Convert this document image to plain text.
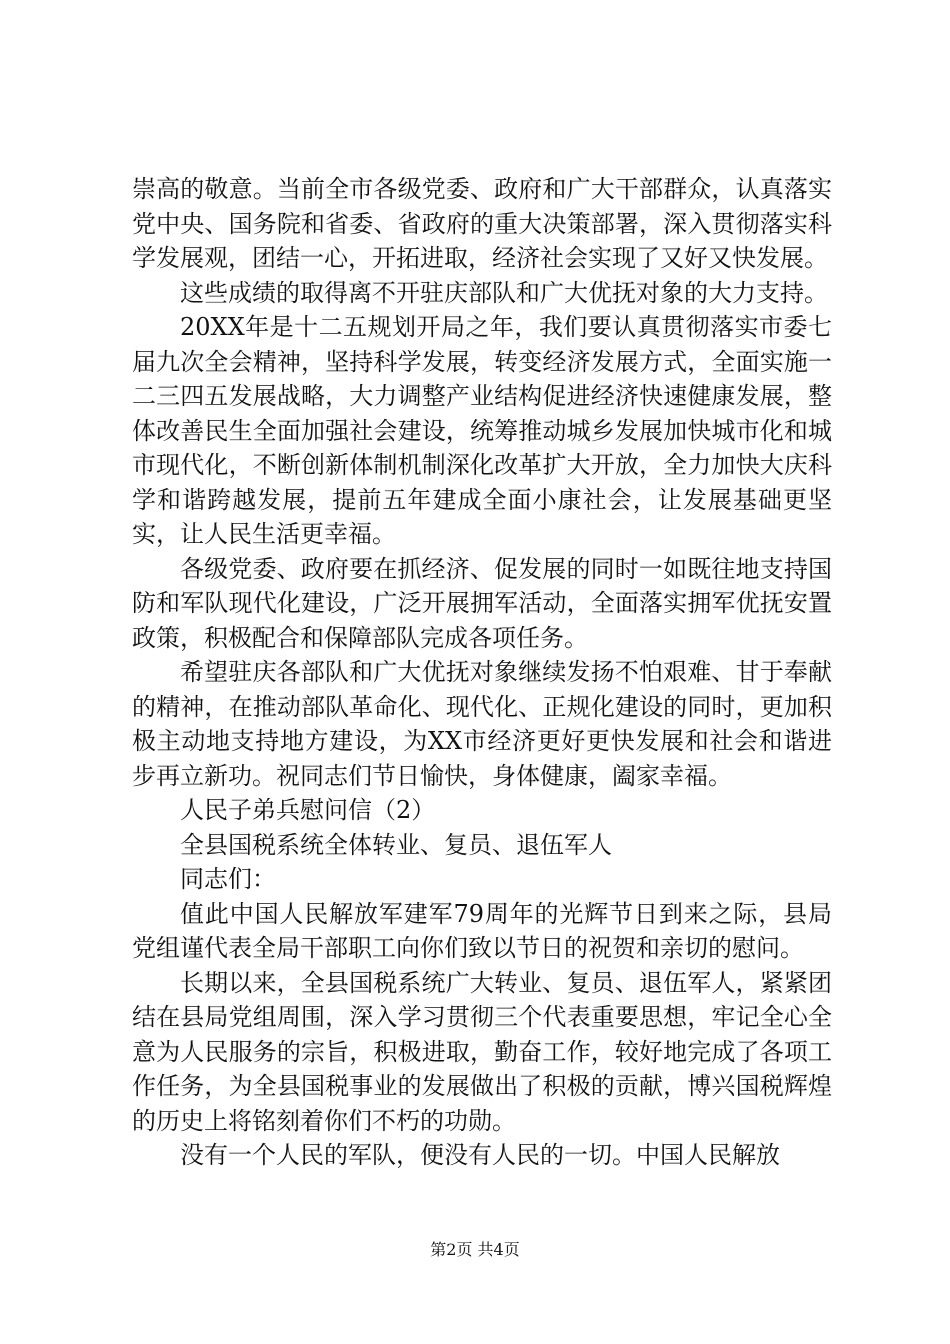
崇高的敬意。当前全市各级党委、政府和广大干部群众，认真落实党中央、国务院和省委、省政府的重大决策部署，深入贯彻落实科学发展观，团结一心，开拓进取，经济社会实现了又好又快发展。

这些成绩的取得离不开驻庆部队和广大优抚对象的大力支持。

20XX年是十二五规划开局之年，我们要认真贯彻落实市委七届九次全会精神，坚持科学发展，转变经济发展方式，全面实施一二三四五发展战略，大力调整产业结构促进经济快速健康发展，整体改善民生全面加强社会建设，统筹推动城乡发展加快城市化和城市现代化，不断创新体制机制深化改革扩大开放，全力加快大庆科学和谐跨越发展，提前五年建成全面小康社会，让发展基础更坚实，让人民生活更幸福。

各级党委、政府要在抓经济、促发展的同时一如既往地支持国防和军队现代化建设，广泛开展拥军活动，全面落实拥军优抚安置政策，积极配合和保障部队完成各项任务。

希望驻庆各部队和广大优抚对象继续发扬不怕艰难、甘于奉献的精神，在推动部队革命化、现代化、正规化建设的同时，更加积极主动地支持地方建设，为XX市经济更好更快发展和社会和谐进步再立新功。祝同志们节日愉快，身体健康，阖家幸福。

人民子弟兵慰问信（2）

全县国税系统全体转业、复员、退伍军人

同志们：

值此中国人民解放军建军79周年的光辉节日到来之际，县局党组谨代表全局干部职工向你们致以节日的祝贺和亲切的慰问。

长期以来，全县国税系统广大转业、复员、退伍军人，紧紧团结在县局党组周围，深入学习贯彻三个代表重要思想，牢记全心全意为人民服务的宗旨，积极进取，勤奋工作，较好地完成了各项工作任务，为全县国税事业的发展做出了积极的贡献，博兴国税辉煌的历史上将铭刻着你们不朽的功勋。

没有一个人民的军队，便没有人民的一切。中国人民解放

第2页 共4页
